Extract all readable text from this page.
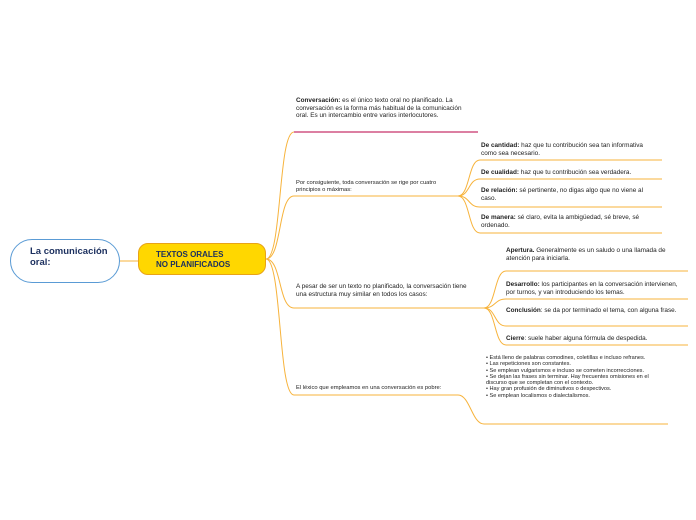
La comunicación oral:
TEXTOS ORALES
NO PLANIFICADOS
Conversación: es el único texto oral no planificado. La conversación es la forma más habitual de la comunicación oral. Es un intercambio entre varios interlocutores.
Por consiguiente, toda conversación se rige por cuatro principios o máximas:
De cantidad: haz que tu contribución sea tan informativa como sea necesario.
De cualidad: haz que tu contribución sea verdadera.
De relación: sé pertinente, no digas algo que no viene al caso.
De manera: sé claro, evita la ambigüedad, sé breve, sé ordenado.
A pesar de ser un texto no planificado, la conversación tiene una estructura muy similar en todos los casos:
Apertura. Generalmente es un saludo o una llamada de atención para iniciarla.
Desarrollo: los participantes en la conversación intervienen, por turnos, y van introduciendo los temas.
Conclusión: se da por terminado el tema, con alguna frase.
Cierre: suele haber alguna fórmula de despedida.
El léxico que empleamos en una conversación es pobre:
• Está lleno de palabras comodines, coletillas e incluso refranes.
• Las repeticiones son constantes.
• Se emplean vulgarismos e incluso se cometen incorrecciones.
• Se dejan las frases sin terminar. Hay frecuentes omisiones en el discurso que se completan con el contexto.
• Hay gran profusión de diminutivos o despectivos.
• Se emplean localismos o dialectalismos.
